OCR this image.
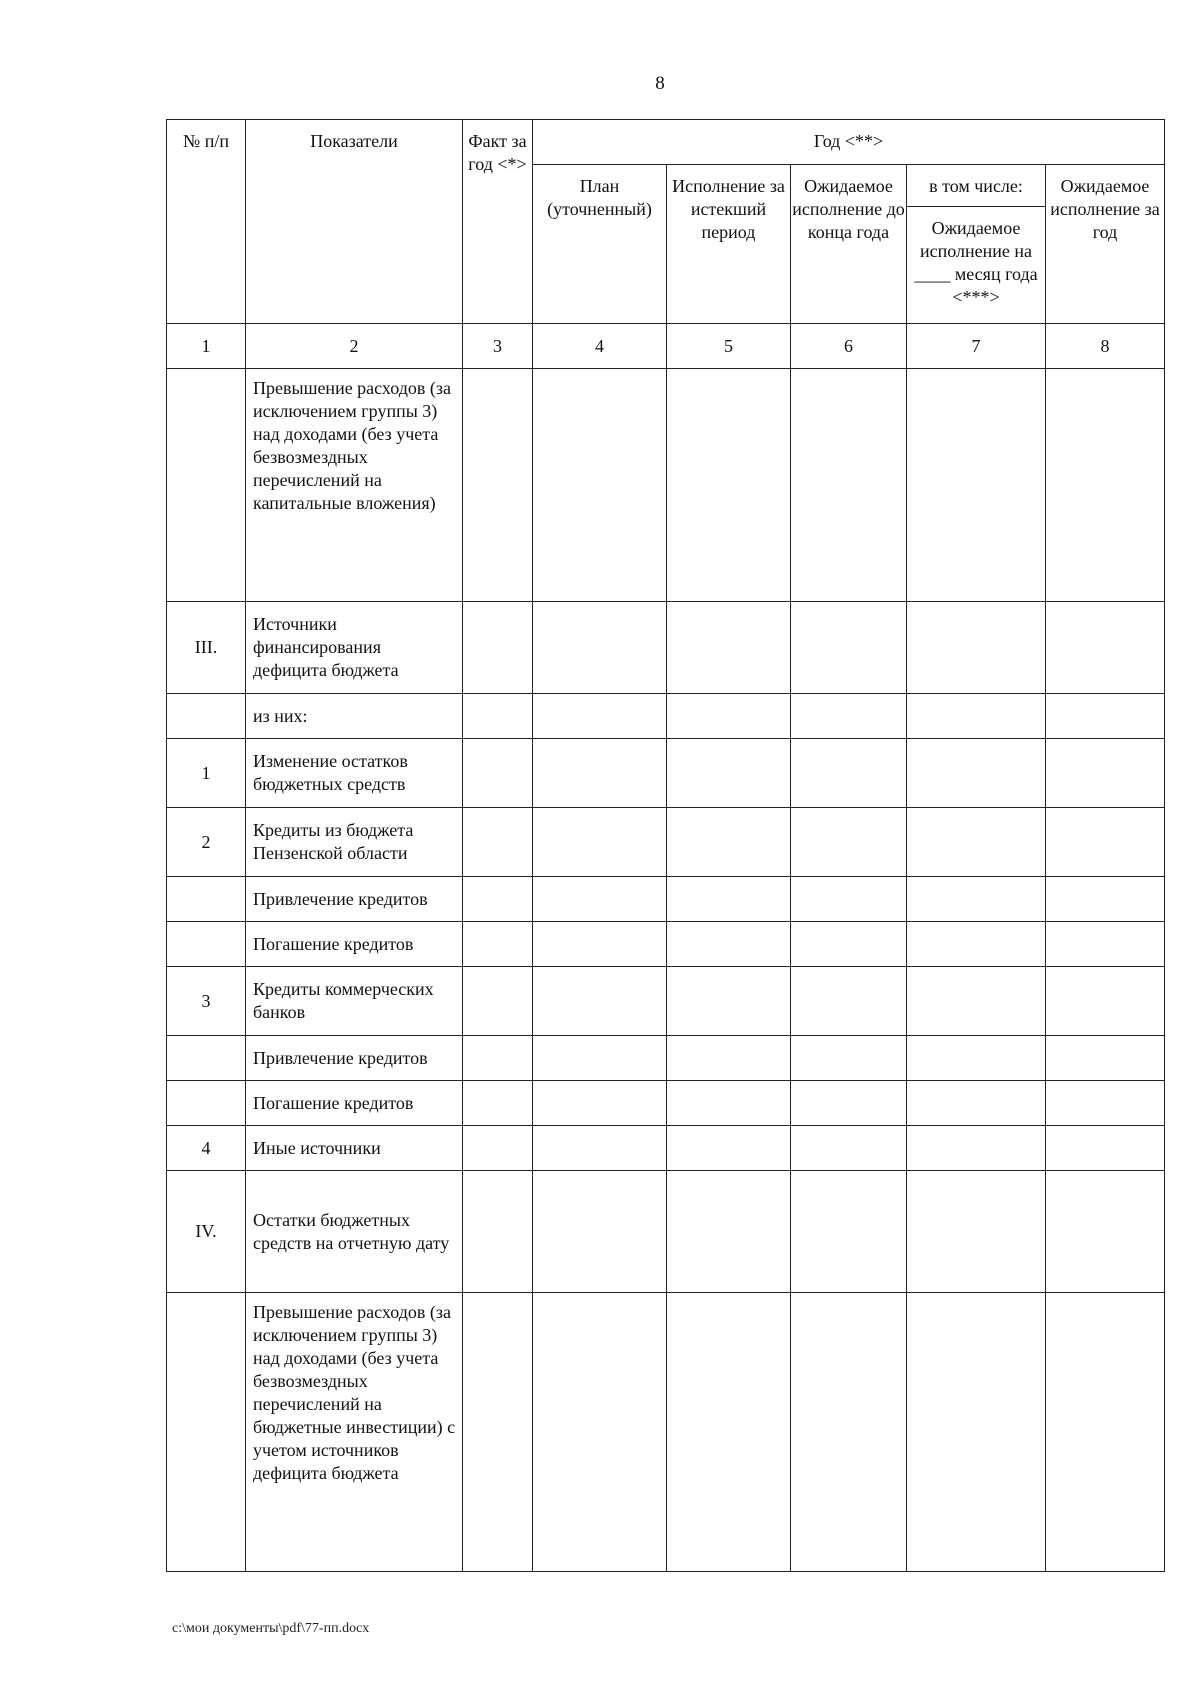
8
№ п/п	Показатели	Факт за год <*>	Год <**>				
			План (уточненный)	Исполнение за истекший период	Ожидаемое исполнение до конца года	в том числе:	Ожидаемое исполнение за год
						Ожидаемое исполнение на ____ месяц года <***>	
1	2	3	4	5	6	7	8
	Превышение расходов (за исключением группы 3) над доходами (без учета безвозмездных перечислений на капитальные вложения)						
III.	Источники финансирования дефицита бюджета						
	из них:						
1	Изменение остатков бюджетных средств						
2	Кредиты из бюджета Пензенской области						
	Привлечение кредитов						
	Погашение кредитов						
3	Кредиты коммерческих банков						
	Привлечение кредитов						
	Погашение кредитов						
4	Иные источники						
IV.	Остатки бюджетных средств на отчетную дату						
	Превышение расходов (за исключением группы 3) над доходами (без учета безвозмездных перечислений на бюджетные инвестиции) с учетом источников дефицита бюджета						
c:\мои документы\pdf\77-пп.docx
